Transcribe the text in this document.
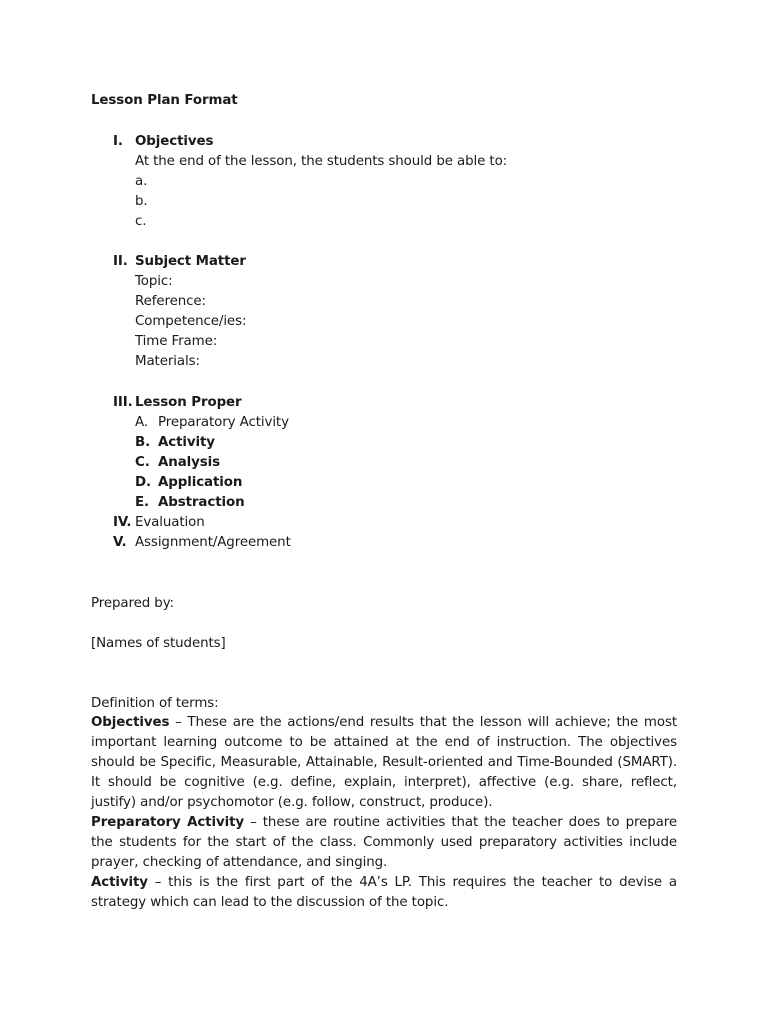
Lesson Plan Format
I. Objectives
At the end of the lesson, the students should be able to:
a.
b.
c.
II. Subject Matter
Topic:
Reference:
Competence/ies:
Time Frame:
Materials:
III. Lesson Proper
A. Preparatory Activity
B. Activity
C. Analysis
D. Application
E. Abstraction
IV. Evaluation
V. Assignment/Agreement
Prepared by:
[Names of students]
Definition of terms:
Objectives – These are the actions/end results that the lesson will achieve; the most important learning outcome to be attained at the end of instruction. The objectives should be Specific, Measurable, Attainable, Result-oriented and Time-Bounded (SMART). It should be cognitive (e.g. define, explain, interpret), affective (e.g. share, reflect, justify) and/or psychomotor (e.g. follow, construct, produce).
Preparatory Activity – these are routine activities that the teacher does to prepare the students for the start of the class. Commonly used preparatory activities include prayer, checking of attendance, and singing.
Activity – this is the first part of the 4A’s LP. This requires the teacher to devise a strategy which can lead to the discussion of the topic.
